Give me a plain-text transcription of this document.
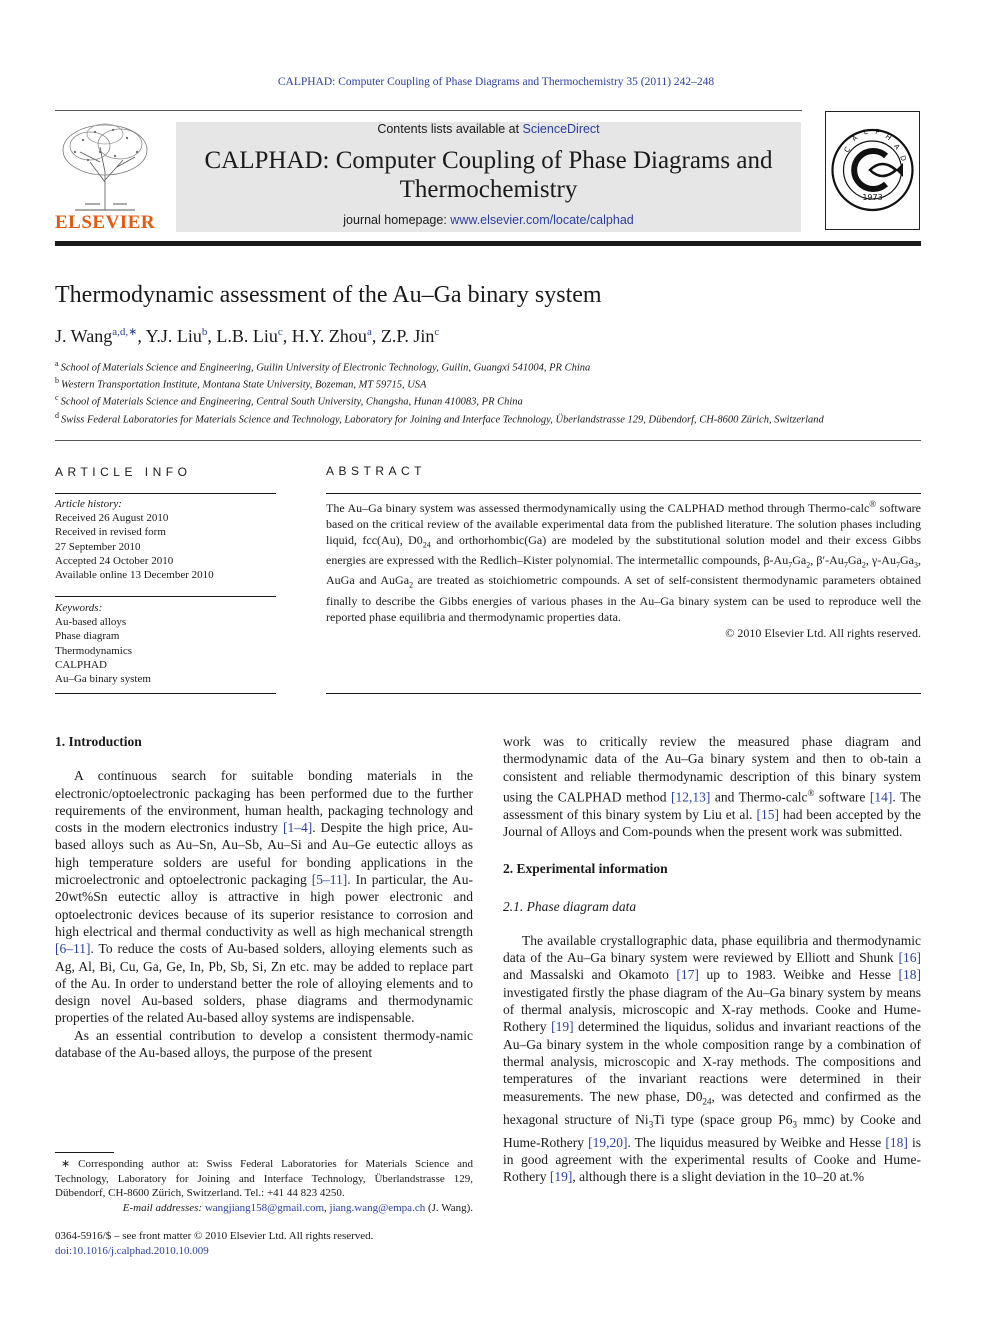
CALPHAD: Computer Coupling of Phase Diagrams and Thermochemistry 35 (2011) 242–248
ELSEVIER
Contents lists available at ScienceDirect
CALPHAD: Computer Coupling of Phase Diagrams and
Thermochemistry
journal homepage: www.elsevier.com/locate/calphad
1973
C
A
L P
H
A
D
Thermodynamic assessment of the Au–Ga binary system
J. Wang$^{a,d,∗}$, Y.J. Liu$^b$, L.B. Liu$^c$, H.Y. Zhou$^a$, Z.P. Jin$^c$
$^a$ School of Materials Science and Engineering, Guilin University of Electronic Technology, Guilin, Guangxi 541004, PR China
$^b$ Western Transportation Institute, Montana State University, Bozeman, MT 59715, USA
$^c$ School of Materials Science and Engineering, Central South University, Changsha, Hunan 410083, PR China
$^d$ Swiss Federal Laboratories for Materials Science and Technology, Laboratory for Joining and Interface Technology, Überlandstrasse 129, Dübendorf, CH-8600 Zürich, Switzerland
ARTICLE INFO
Article history:
Received 26 August 2010
Received in revised form
27 September 2010
Accepted 24 October 2010
Available online 13 December 2010
Keywords:
Au-based alloys
Phase diagram
Thermodynamics
CALPHAD
Au–Ga binary system
ABSTRACT
The Au–Ga binary system was assessed thermodynamically using the CALPHAD method through Thermo-calc® software based on the critical review of the available experimental data from the published literature. The solution phases including liquid, fcc(Au), $D0_{24}$ and orthorhombic(Ga) are modeled by the substitutional solution model and their excess Gibbs energies are expressed with the Redlich–Kister polynomial. The intermetallic compounds, $\beta-Au_7Ga_2$, $\beta'-Au_7Ga_2$, $\gamma-Au_7Ga_3$, AuGa and AuGa$_2$ are treated as stoichiometric compounds. A set of self-consistent thermodynamic parameters obtained finally to describe the Gibbs energies of various phases in the Au–Ga binary system can be used to reproduce well the reported phase equilibria and thermodynamic properties data.
© 2010 Elsevier Ltd. All rights reserved.
1. Introduction

A continuous search for suitable bonding materials in the electronic/optoelectronic packaging has been performed due to the further requirements of the environment, human health, packaging technology and costs in the modern electronics industry [1–4]. Despite the high price, Au-based alloys such as Au–Sn, Au–Sb, Au–Si and Au–Ge eutectic alloys as high temperature solders are useful for bonding applications in the microelectronic and optoelectronic packaging [5–11]. In particular, the Au-20wt%Sn eutectic alloy is attractive in high power electronic and optoelectronic devices because of its superior resistance to corrosion and high electrical and thermal conductivity as well as high mechanical strength [6–11]. To reduce the costs of Au-based solders, alloying elements such as Ag, Al, Bi, Cu, Ga, Ge, In, Pb, Sb, Si, Zn etc. may be added to replace part of the Au. In order to understand better the role of alloying elements and to design novel Au-based solders, phase diagrams and thermodynamic properties of the related Au-based alloy systems are indispensable.

As an essential contribution to develop a consistent thermody-namic database of the Au-based alloys, the purpose of the present

∗ Corresponding author at: Swiss Federal Laboratories for Materials Science and Technology, Laboratory for Joining and Interface Technology, Überlandstrasse 129, Dübendorf, CH-8600 Zürich, Switzerland. Tel.: +41 44 823 4250.
E-mail addresses: wangjiang158@gmail.com, jiang.wang@empa.ch (J. Wang).
0364-5916/$ – see front matter © 2010 Elsevier Ltd. All rights reserved.
doi:10.1016/j.calphad.2010.10.009

work was to critically review the measured phase diagram and thermodynamic data of the Au–Ga binary system and then to ob-tain a consistent and reliable thermodynamic description of this binary system using the CALPHAD method [12,13] and Thermo-calc® software [14]. The assessment of this binary system by Liu et al. [15] had been accepted by the Journal of Alloys and Com-pounds when the present work was submitted.

2. Experimental information
2.1. Phase diagram data

The available crystallographic data, phase equilibria and thermodynamic data of the Au–Ga binary system were reviewed by Elliott and Shunk [16] and Massalski and Okamoto [17] up to 1983. Weibke and Hesse [18] investigated firstly the phase diagram of the Au–Ga binary system by means of thermal analysis, microscopic and X-ray methods. Cooke and Hume-Rothery [19] determined the liquidus, solidus and invariant reactions of the Au–Ga binary system in the whole composition range by a combination of thermal analysis, microscopic and X-ray methods. The compositions and temperatures of the invariant reactions were determined in their measurements. The new phase, $D0_{24}$, was detected and confirmed as the hexagonal structure of $Ni_3Ti$ type (space group $P6_3$ mmc) by Cooke and Hume-Rothery [19,20]. The liquidus measured by Weibke and Hesse [18] is in good agreement with the experimental results of Cooke and Hume-Rothery [19], although there is a slight deviation in the 10–20 at.%
